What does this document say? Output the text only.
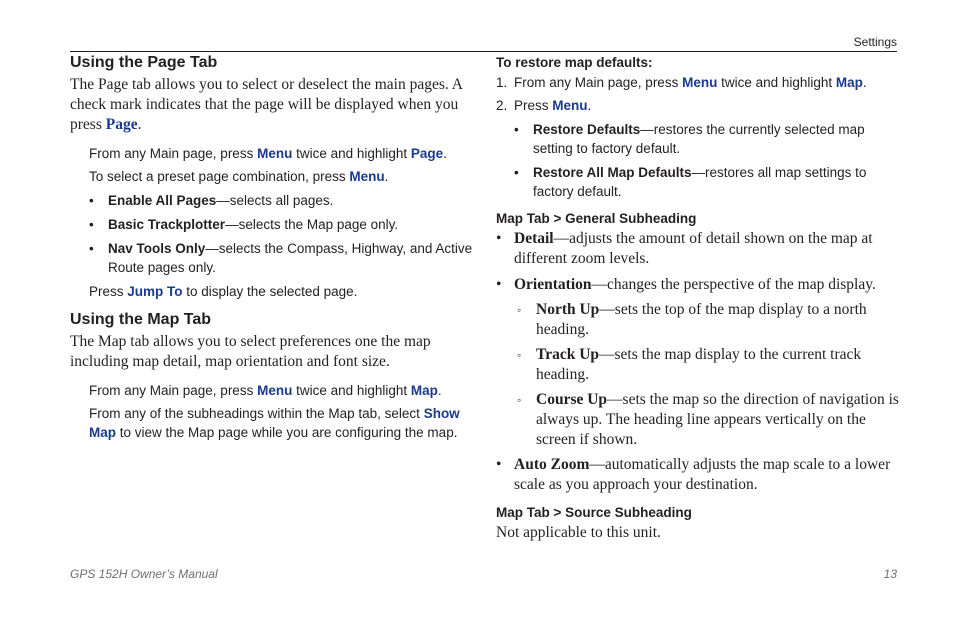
Settings
Using the Page Tab

The Page tab allows you to select or deselect the main pages. A check mark indicates that the page will be displayed when you press Page.

From any Main page, press Menu twice and highlight Page.

To select a preset page combination, press Menu.

• Enable All Pages—selects all pages.
• Basic Trackplotter—selects the Map page only.
• Nav Tools Only—selects the Compass, Highway, and Active Route pages only.

Press Jump To to display the selected page.

Using the Map Tab

The Map tab allows you to select preferences one the map including map detail, map orientation and font size.

From any Main page, press Menu twice and highlight Map.

From any of the subheadings within the Map tab, select Show Map to view the Map page while you are configuring the map.

To restore map defaults:

1. From any Main page, press Menu twice and highlight Map.
2. Press Menu.
• Restore Defaults—restores the currently selected map setting to factory default.
• Restore All Map Defaults—restores all map settings to factory default.

Map Tab > General Subheading

• Detail—adjusts the amount of detail shown on the map at different zoom levels.
• Orientation—changes the perspective of the map display.
◦ North Up—sets the top of the map display to a north heading.
◦ Track Up—sets the map display to the current track heading.
◦ Course Up—sets the map so the direction of navigation is always up. The heading line appears vertically on the screen if shown.
• Auto Zoom—automatically adjusts the map scale to a lower scale as you approach your destination.

Map Tab > Source Subheading

Not applicable to this unit.

GPS 152H Owner’s Manual	13
